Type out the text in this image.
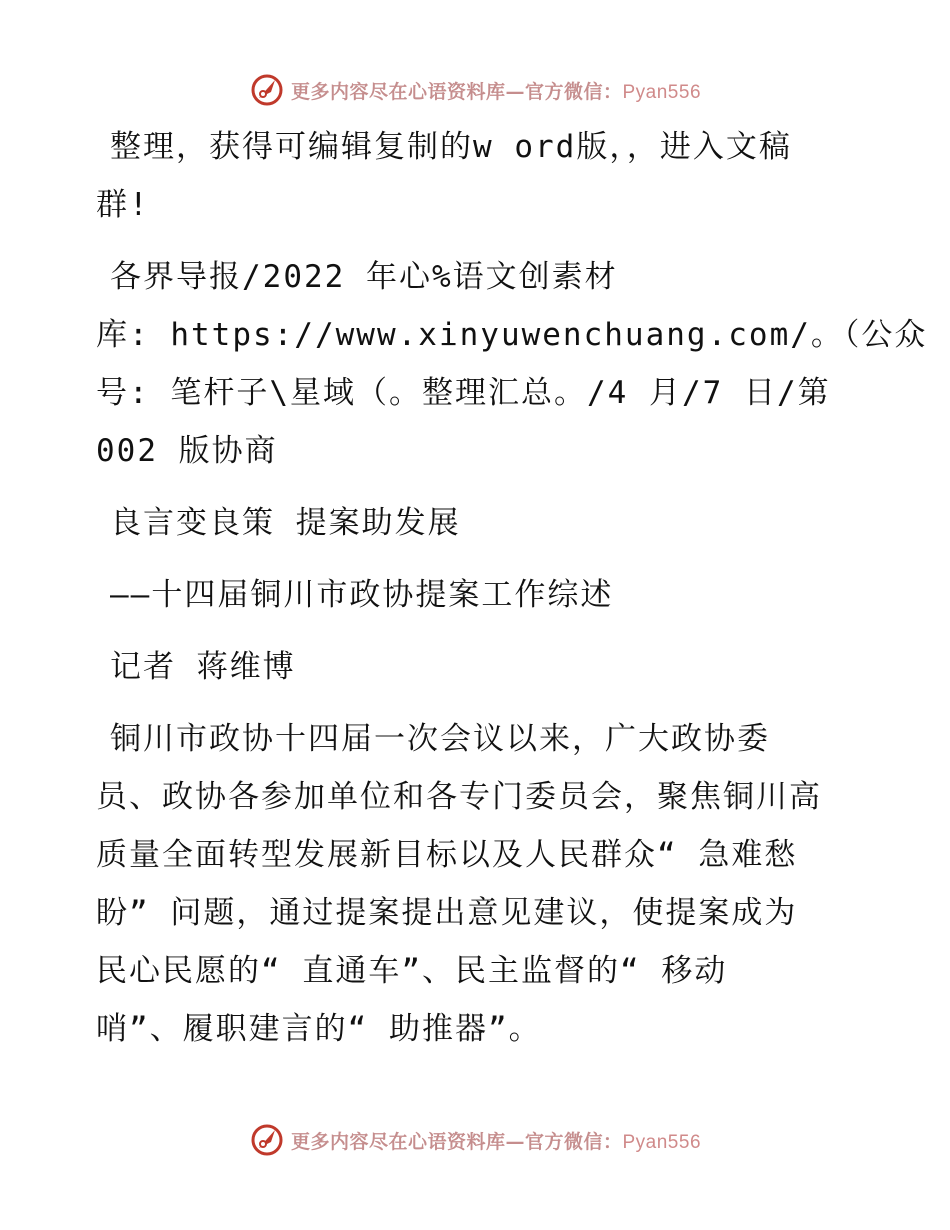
更多内容尽在心语资料库—官方微信：Pyan556
整理，获得可编辑复制的w ord版，，进入文稿
群!
各界导报/2022 年心%语文创素材
库: https://www.xinyuwenchuang.com/。（公众
号: 笔杆子\星域（。整理汇总。/4 月/7 日/第
002 版协商
良言变良策 提案助发展
——十四届铜川市政协提案工作综述
记者 蒋维博
铜川市政协十四届一次会议以来，广大政协委
员、政协各参加单位和各专门委员会，聚焦铜川高
质量全面转型发展新目标以及人民群众“ 急难愁
盼” 问题，通过提案提出意见建议，使提案成为
民心民愿的“ 直通车”、民主监督的“ 移动
哨”、履职建言的“ 助推器”。
更多内容尽在心语资料库—官方微信：Pyan556
